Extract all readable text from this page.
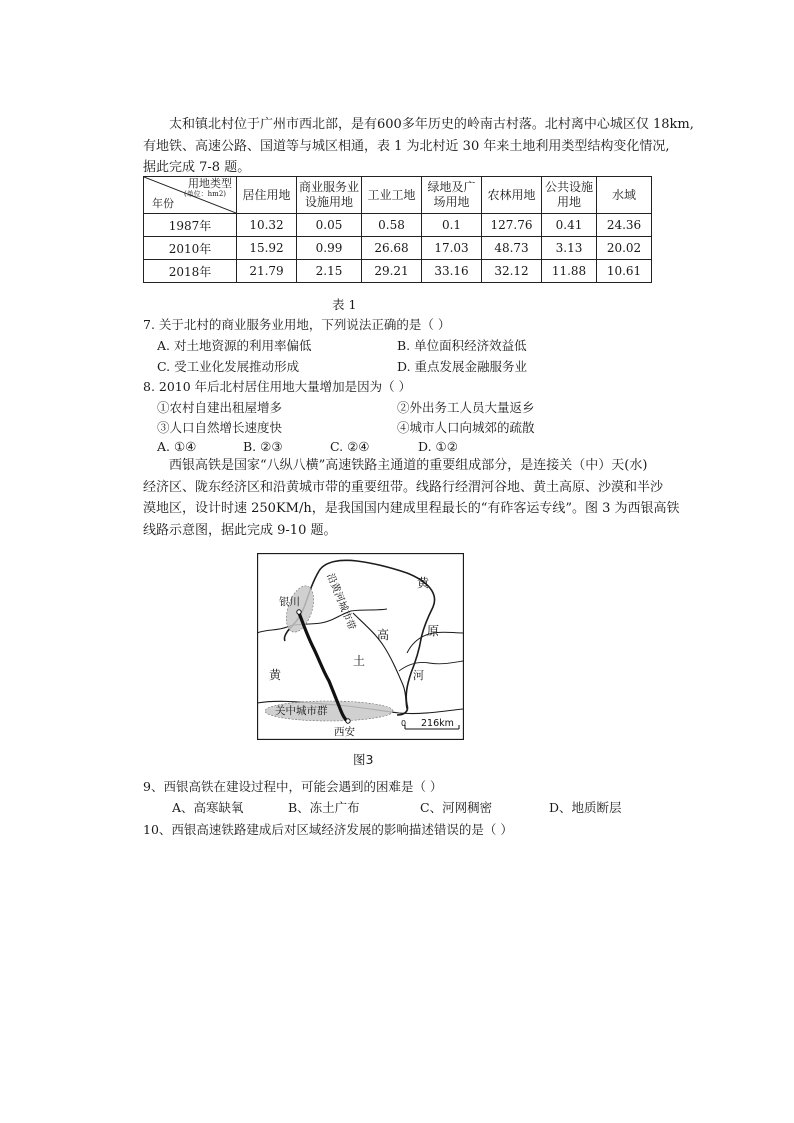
太和镇北村位于广州市西北部，是有600多年历史的岭南古村落。北村离中心城区仅 18km,
有地铁、高速公路、国道等与城区相通，表 1 为北村近 30 年来土地利用类型结构变化情况,
据此完成 7-8 题。
用地类型
(单位：hm2)
年份	居住用地	商业服务业设施用地	工业工地	绿地及广场用地	农林用地	公共设施用地	水域
1987年	10.32	0.05	0.58	0.1	127.76	0.41	24.36
2010年	15.92	0.99	26.68	17.03	48.73	3.13	20.02
2018年	21.79	2.15	29.21	33.16	32.12	11.88	10.61
表 1
7. 关于北村的商业服务业用地，下列说法正确的是（ ）
A. 对土地资源的利用率偏低	B. 单位面积经济效益低
C. 受工业化发展推动形成	D. 重点发展金融服务业
8. 2010 年后北村居住用地大量增加是因为（ ）
①农村自建出租屋增多	②外出务工人员大量返乡
③人口自然增长速度快	④城市人口向城郊的疏散
A. ①④	B. ②③	C. ②④	D. ①②
西银高铁是国家“八纵八横”高速铁路主通道的重要组成部分，是连接关（中）天(水)
经济区、陇东经济区和沿黄城市带的重要纽带。线路行经渭河谷地、黄土高原、沙漠和半沙
漠地区，设计时速 250KM/h，是我国国内建成里程最长的“有砟客运专线”。图 3 为西银高铁
线路示意图，据此完成 9-10 题。
银川 沿黄河城市带	黄
原
高
土
黄	河
关中城市群
西安
0 216km
图3
9、西银高铁在建设过程中，可能会遇到的困难是（ ）
A、高寒缺氧	B、冻土广布	C、河网稠密	D、地质断层
10、西银高速铁路建成后对区域经济发展的影响描述错误的是（ ）
